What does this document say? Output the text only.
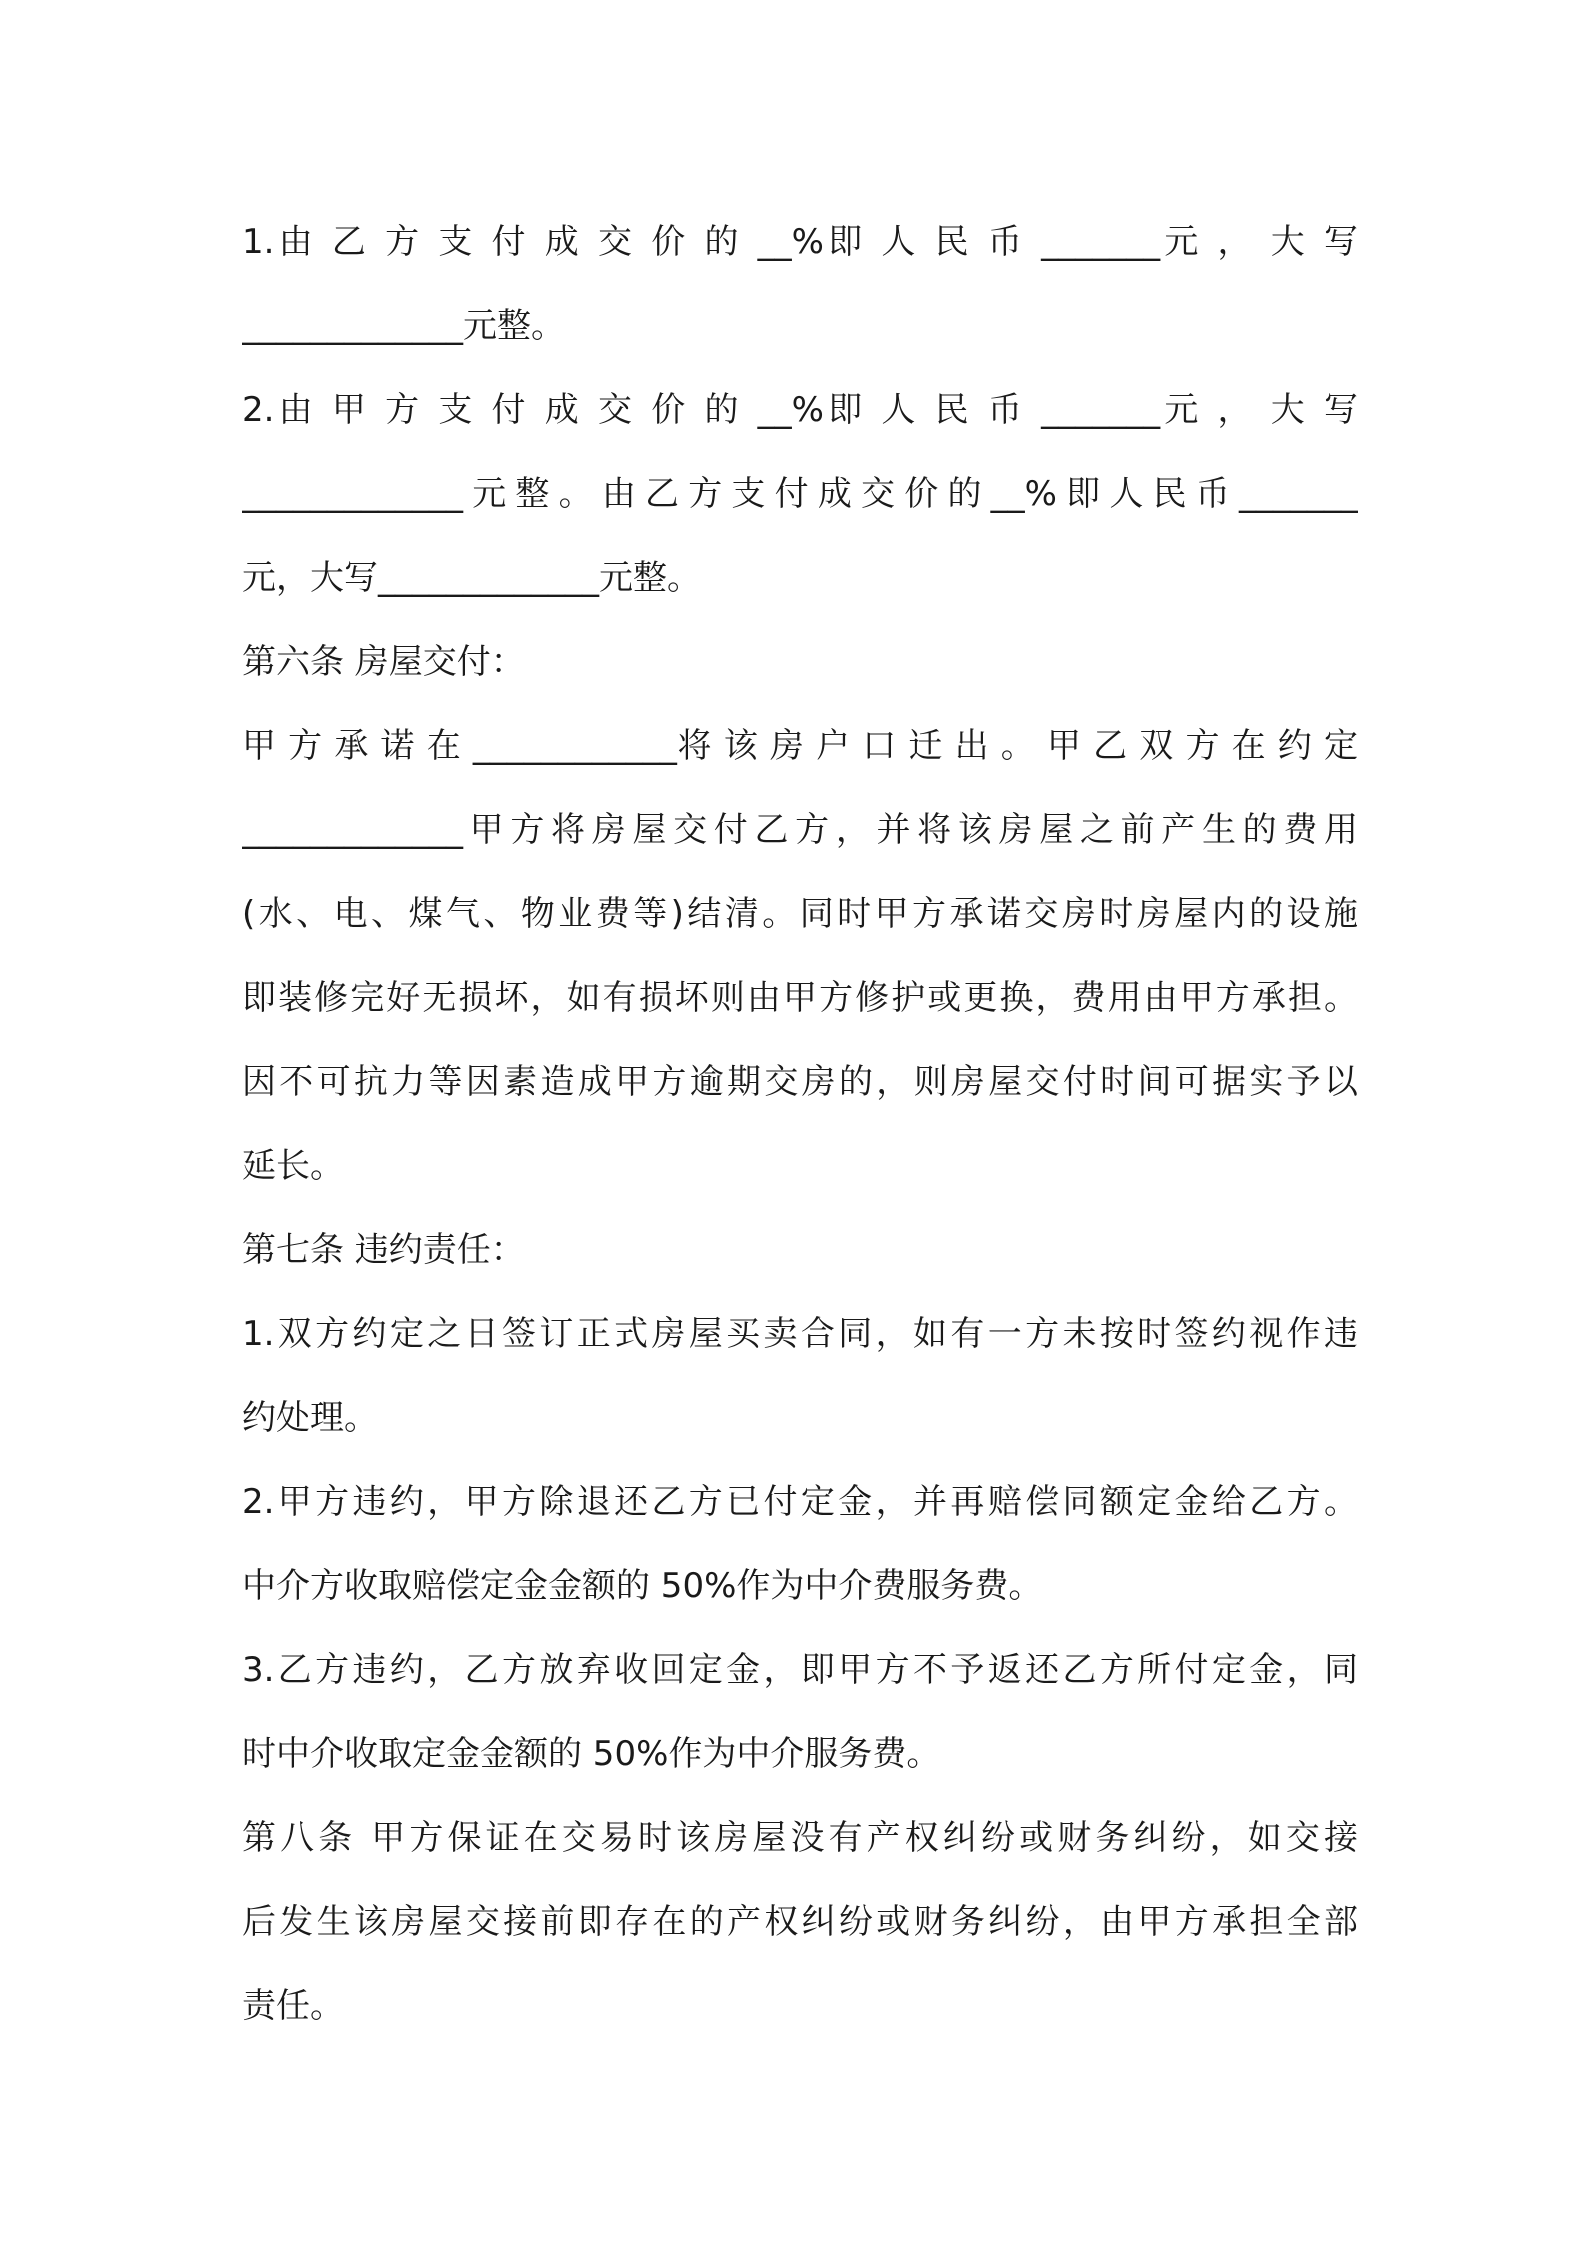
1.由 乙 方 支 付 成 交 价 的 __%即 人 民 币 _______元 ， 大 写
_____________元整。
2.由 甲 方 支 付 成 交 价 的 __%即 人 民 币 _______元 ， 大 写
_____________元整。由乙方支付成交价的__%即人民币_______
元，大写_____________元整。
第六条 房屋交付：
甲 方 承 诺 在 ____________将 该 房 户 口 迁 出 。 甲 乙 双 方 在 约 定
_____________甲方将房屋交付乙方，并将该房屋之前产生的费用
(水、电、煤气、物业费等)结清。同时甲方承诺交房时房屋内的设施
即装修完好无损坏，如有损坏则由甲方修护或更换，费用由甲方承担。
因不可抗力等因素造成甲方逾期交房的，则房屋交付时间可据实予以
延长。
第七条 违约责任：
1.双方约定之日签订正式房屋买卖合同，如有一方未按时签约视作违
约处理。
2.甲方违约，甲方除退还乙方已付定金，并再赔偿同额定金给乙方。
中介方收取赔偿定金金额的 50%作为中介费服务费。
3.乙方违约，乙方放弃收回定金，即甲方不予返还乙方所付定金，同
时中介收取定金金额的 50%作为中介服务费。
第八条 甲方保证在交易时该房屋没有产权纠纷或财务纠纷，如交接
后发生该房屋交接前即存在的产权纠纷或财务纠纷，由甲方承担全部
责任。
